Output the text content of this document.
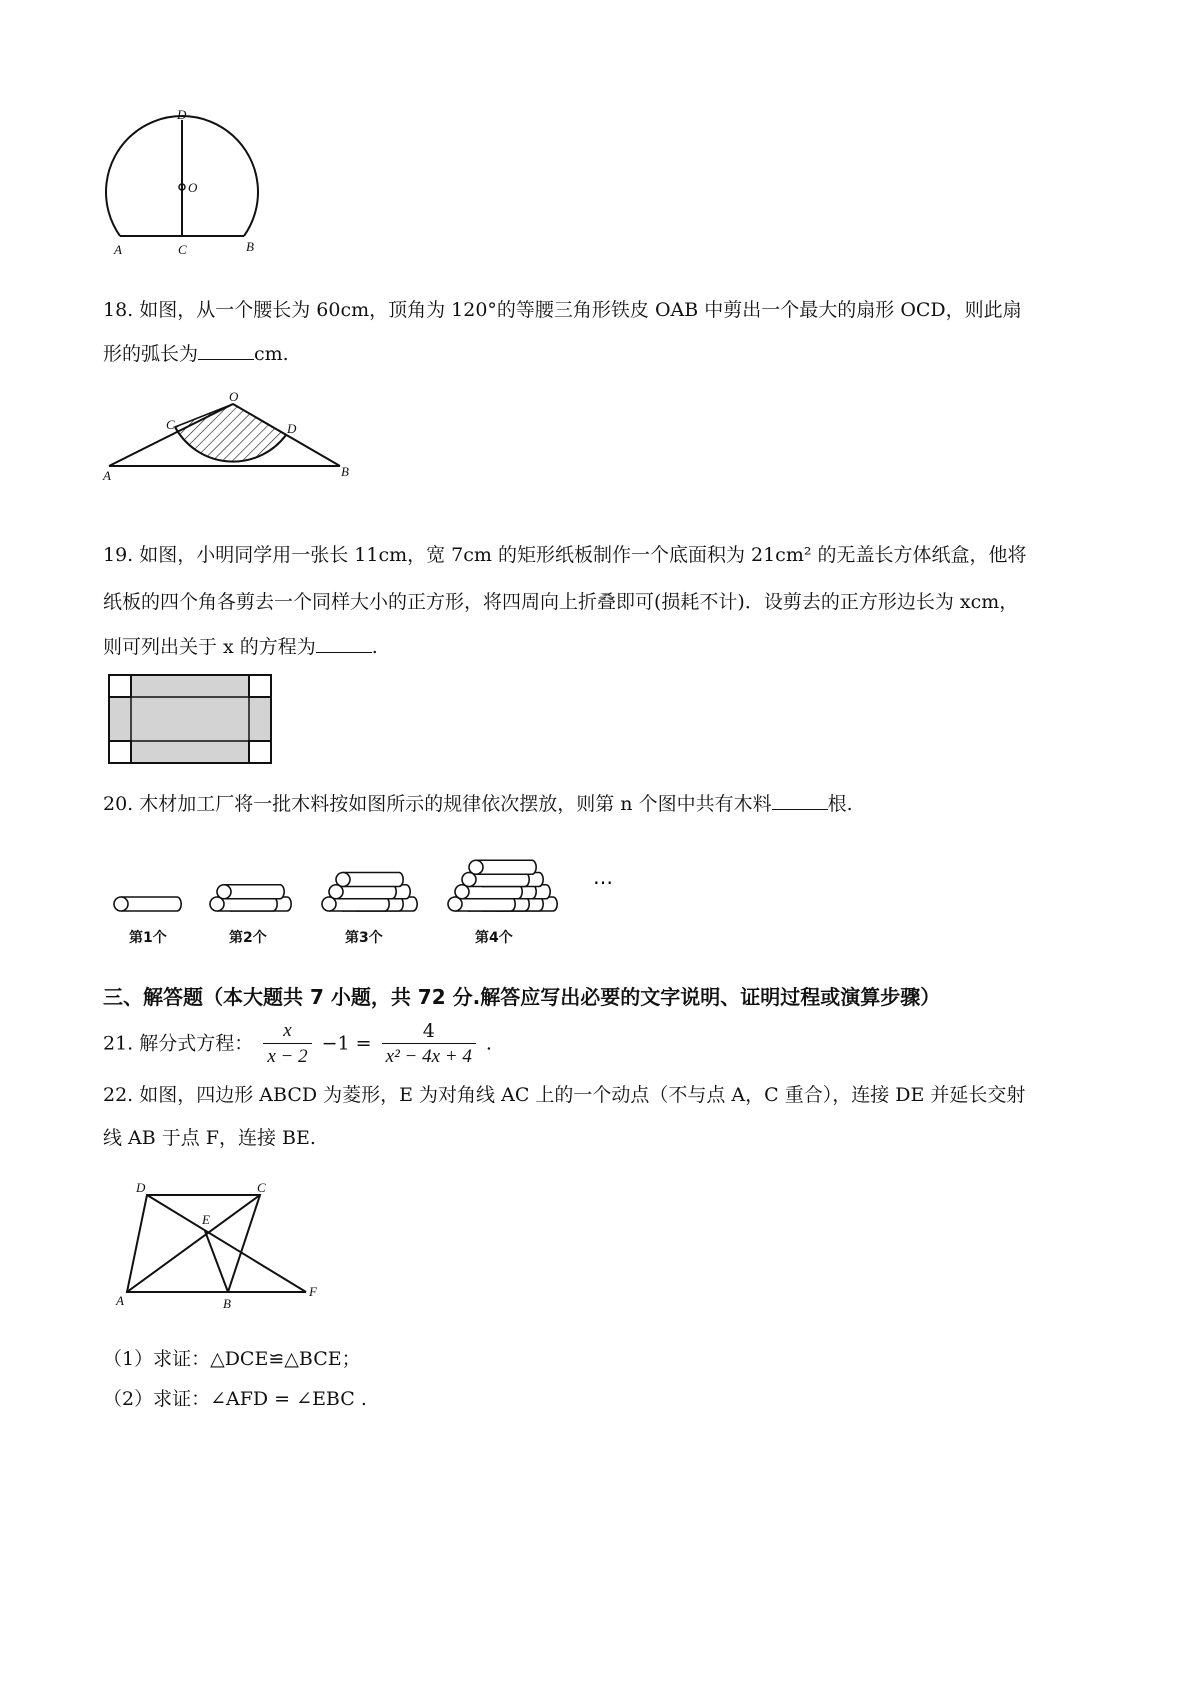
D
O
A	C	B
18. 如图，从一个腰长为 60cm，顶角为 120°的等腰三角形铁皮 OAB 中剪出一个最大的扇形 OCD，则此扇
形的弧长为	cm.
O
C	D
A	B
19. 如图，小明同学用一张长 11cm，宽 7cm 的矩形纸板制作一个底面积为 21cm² 的无盖长方体纸盒，他将
纸板的四个角各剪去一个同样大小的正方形，将四周向上折叠即可(损耗不计)．设剪去的正方形边长为 xcm，
则可列出关于 x 的方程为	.
20. 木材加工厂将一批木料按如图所示的规律依次摆放，则第 n 个图中共有木料	根.
第1个	第2个	第3个	第4个
…
三、解答题（本大题共 7 小题，共 72 分.解答应写出必要的文字说明、证明过程或演算步骤）
21. 解分式方程： $\frac{x}{x - 2} -1 = \frac{4}{\text{x² − 4x + 4}}$ .
22. 如图，四边形 ABCD 为菱形，E 为对角线 AC 上的一个动点（不与点 A，C 重合），连接 DE 并延长交射
线 AB 于点 F，连接 BE.
D	C
E
A	B
F
（1）求证：△DCE≌△BCE；
（2）求证：∠AFD = ∠EBC .
